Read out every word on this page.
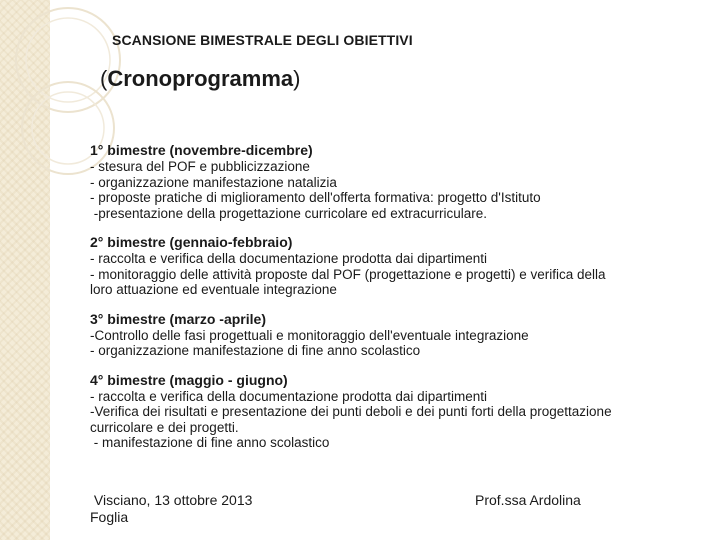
SCANSIONE BIMESTRALE DEGLI OBIETTIVI
(Cronoprogramma)
1° bimestre (novembre-dicembre)
- stesura del POF e pubblicizzazione
- organizzazione manifestazione natalizia
- proposte pratiche di miglioramento dell'offerta formativa: progetto d'Istituto
-presentazione della progettazione curricolare ed extracurriculare.
2° bimestre (gennaio-febbraio)
- raccolta e verifica della documentazione prodotta dai dipartimenti
- monitoraggio delle attività proposte dal POF (progettazione e progetti) e verifica della loro attuazione ed eventuale integrazione
3° bimestre (marzo -aprile)
-Controllo delle fasi progettuali e monitoraggio dell'eventuale integrazione
- organizzazione manifestazione di fine anno scolastico
4° bimestre (maggio - giugno)
- raccolta e verifica della documentazione prodotta dai dipartimenti
-Verifica dei risultati e presentazione dei punti deboli e dei punti forti della progettazione curricolare e dei progetti.
- manifestazione di fine anno scolastico
Visciano, 13 ottobre 2013
Foglia
Prof.ssa Ardolina
